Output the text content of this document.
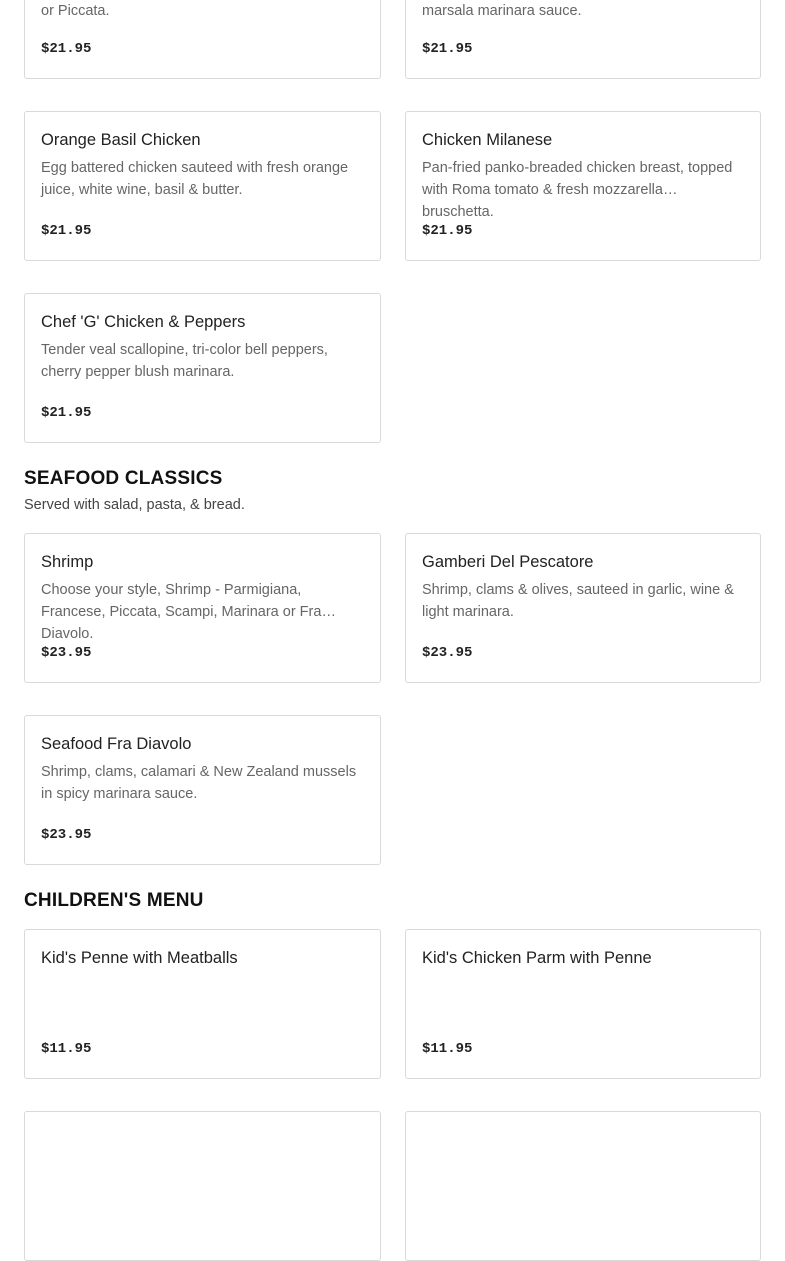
or Piccata.
$21.95
marsala marinara sauce.
$21.95
Orange Basil Chicken
Egg battered chicken sauteed with fresh orange juice, white wine, basil & butter.
$21.95
Chicken Milanese
Pan-fried panko-breaded chicken breast, topped with Roma tomato & fresh mozzarella bruschetta.
$21.95
Chef 'G' Chicken & Peppers
Tender veal scallopine, tri-color bell peppers, cherry pepper blush marinara.
$21.95
SEAFOOD CLASSICS
Served with salad, pasta, & bread.
Shrimp
Choose your style, Shrimp - Parmigiana, Francese, Piccata, Scampi, Marinara or Fra Diavolo.
$23.95
Gamberi Del Pescatore
Shrimp, clams & olives, sauteed in garlic, wine & light marinara.
$23.95
Seafood Fra Diavolo
Shrimp, clams, calamari & New Zealand mussels in spicy marinara sauce.
$23.95
CHILDREN'S MENU
Kid's Penne with Meatballs
$11.95
Kid's Chicken Parm with Penne
$11.95
